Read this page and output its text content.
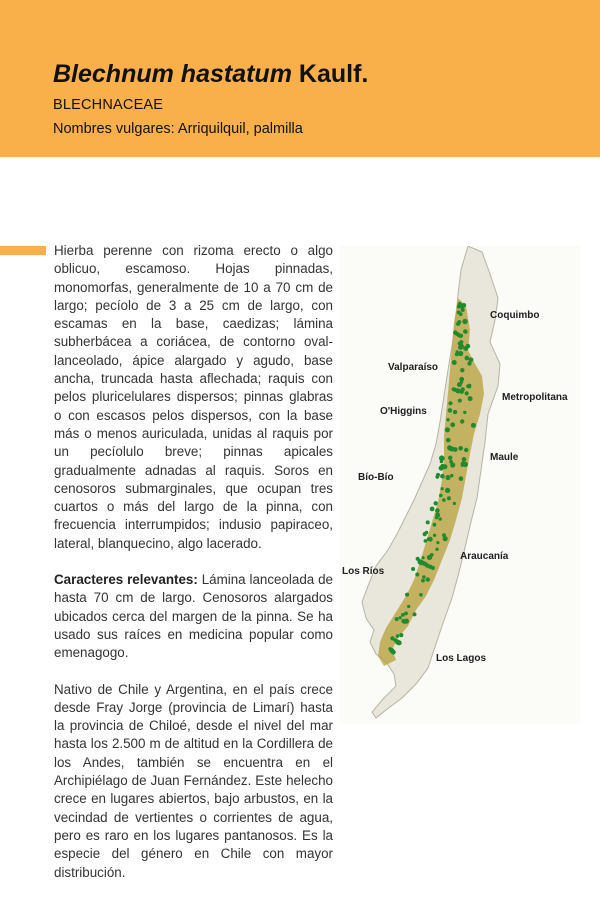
Blechnum hastatum Kaulf.
BLECHNACEAE
Nombres vulgares: Arriquilquil, palmilla

Hierba perenne con rizoma erecto o algo oblicuo, escamoso. Hojas pinnadas, monomorfas, generalmente de 10 a 70 cm de largo; pecíolo de 3 a 25 cm de largo, con escamas en la base, caedizas; lámina subherbácea a coriácea, de contorno oval-lanceolado, ápice alargado y agudo, base ancha, truncada hasta aflechada; raquis con pelos pluricelulares dispersos; pinnas glabras o con escasos pelos dispersos, con la base más o menos auriculada, unidas al raquis por un pecíolulo breve; pinnas apicales gradualmente adnadas al raquis. Soros en cenosoros submarginales, que ocupan tres cuartos o más del largo de la pinna, con frecuencia interrumpidos; indusio papiraceo, lateral, blanquecino, algo lacerado.

Caracteres relevantes: Lámina lanceolada de hasta 70 cm de largo. Cenosoros alargados ubicados cerca del margen de la pinna. Se ha usado sus raíces en medicina popular como emenagogo.

Nativo de Chile y Argentina, en el país crece desde Fray Jorge (provincia de Limarí) hasta la provincia de Chiloé, desde el nivel del mar hasta los 2.500 m de altitud en la Cordillera de los Andes, también se encuentra en el Archipiélago de Juan Fernández. Este helecho crece en lugares abiertos, bajo arbustos, en la vecindad de vertientes o corrientes de agua, pero es raro en los lugares pantanosos. Es la especie del género en Chile con mayor distribución.

Coquimbo
Valparaíso
Metropolitana
O'Higgins
Maule
Bío-Bío
Araucanía
Los Ríos
Los Lagos
